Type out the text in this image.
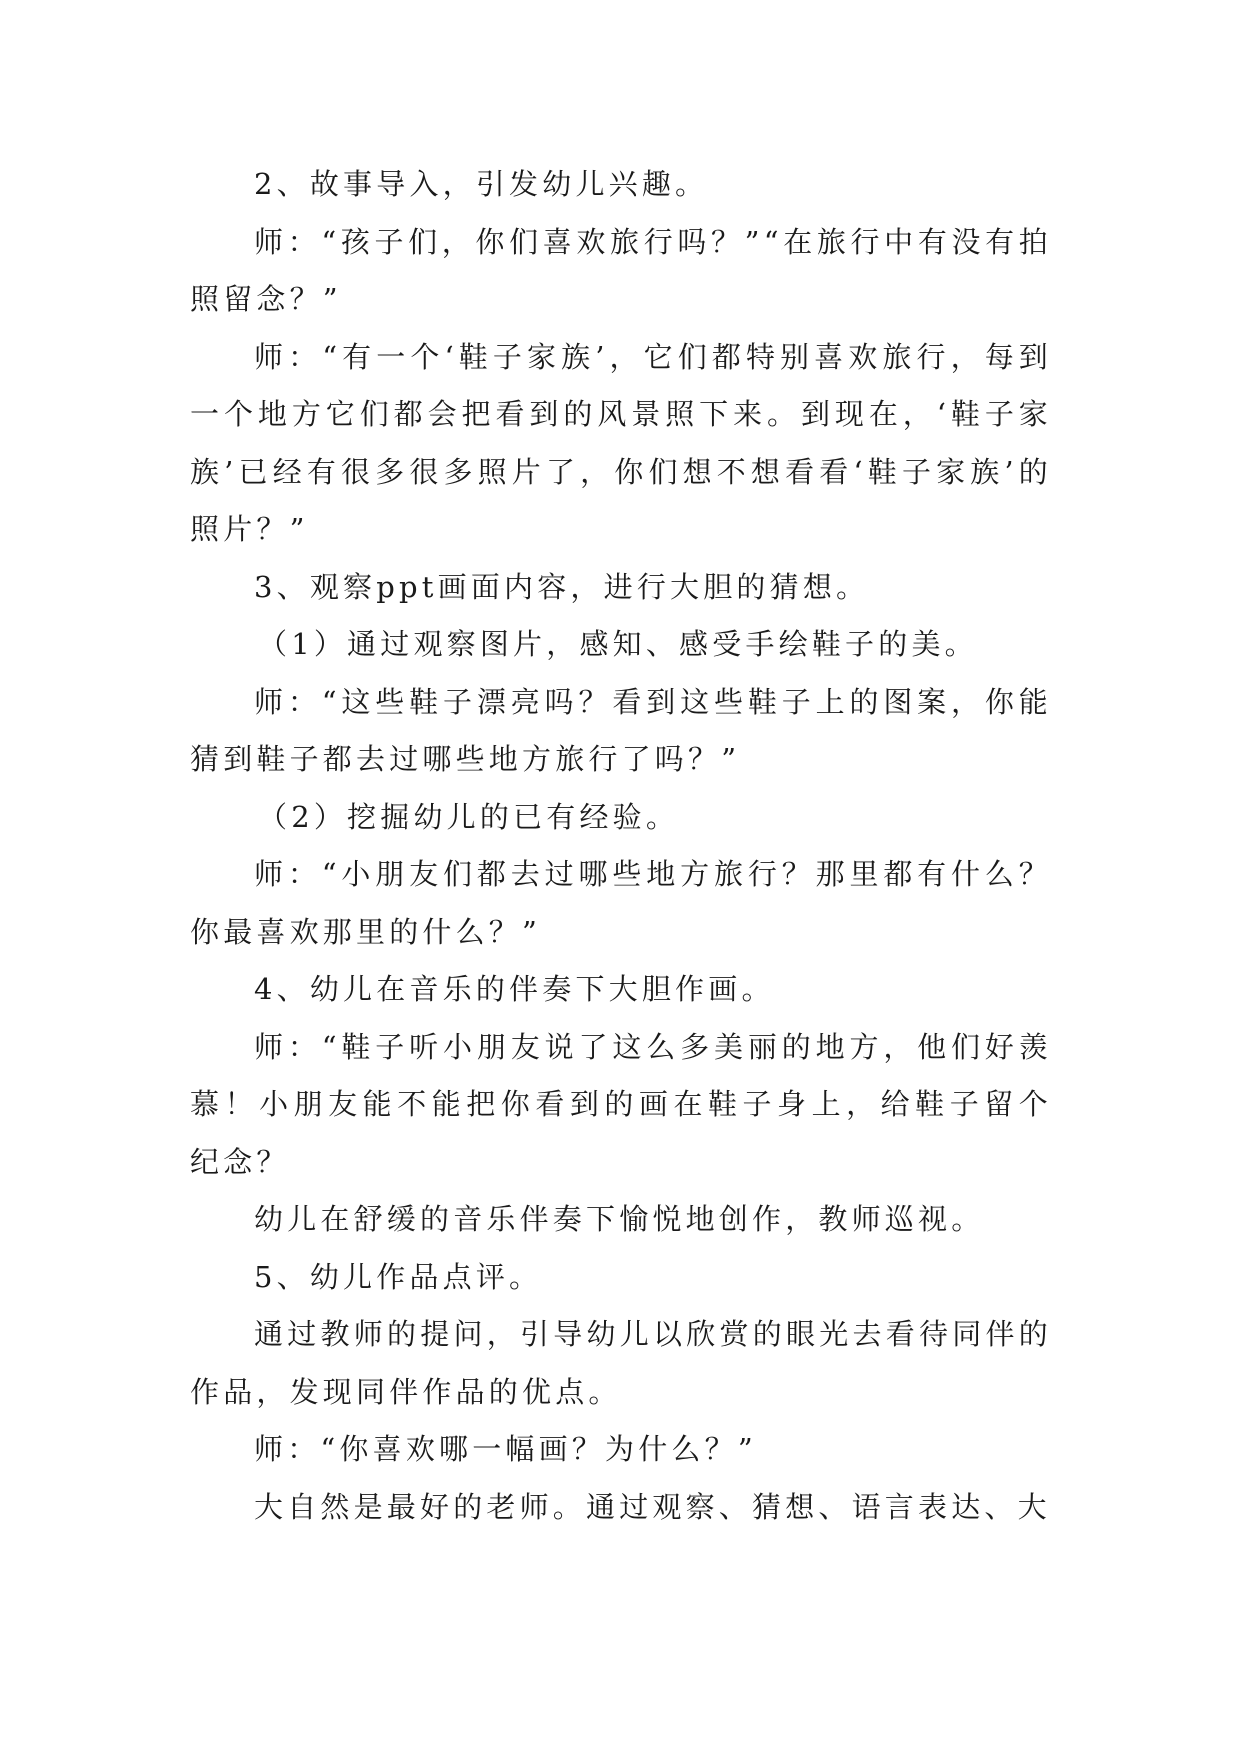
2、故事导入，引发幼儿兴趣。

师：“孩子们，你们喜欢旅行吗？”“在旅行中有没有拍照留念？”

师：“有一个‘鞋子家族’，它们都特别喜欢旅行，每到一个地方它们都会把看到的风景照下来。到现在，‘鞋子家族’已经有很多很多照片了，你们想不想看看‘鞋子家族’的照片？”

3、观察ppt画面内容，进行大胆的猜想。

（1）通过观察图片，感知、感受手绘鞋子的美。

师：“这些鞋子漂亮吗？看到这些鞋子上的图案，你能猜到鞋子都去过哪些地方旅行了吗？”

（2）挖掘幼儿的已有经验。

师：“小朋友们都去过哪些地方旅行？那里都有什么？你最喜欢那里的什么？”

4、幼儿在音乐的伴奏下大胆作画。

师：“鞋子听小朋友说了这么多美丽的地方，他们好羡慕！小朋友能不能把你看到的画在鞋子身上，给鞋子留个纪念？

幼儿在舒缓的音乐伴奏下愉悦地创作，教师巡视。

5、幼儿作品点评。

通过教师的提问，引导幼儿以欣赏的眼光去看待同伴的作品，发现同伴作品的优点。

师：“你喜欢哪一幅画？为什么？”

大自然是最好的老师。通过观察、猜想、语言表达、大
